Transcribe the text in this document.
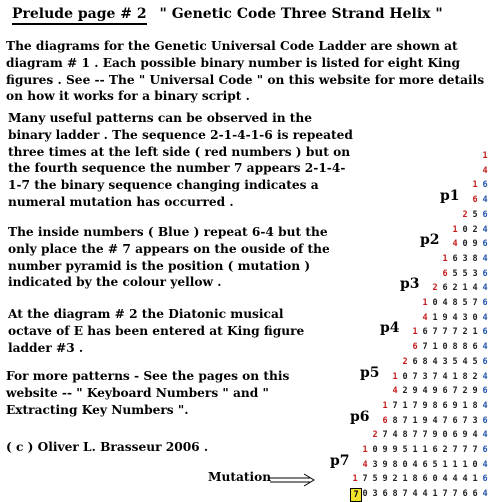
Prelude page # 2 " Genetic Code Three Strand Helix "
The diagrams for the Genetic Universal Code Ladder are shown at diagram # 1 . Each possible binary number is listed for eight King figures . See -- The " Universal Code " on this website for more details on how it works for a binary script .
Many useful patterns can be observed in the binary ladder . The sequence 2-1-4-1-6 is repeated three times at the left side ( red numbers ) but on the fourth sequence the number 7 appears 2-1-4-1-7 the binary sequence changing indicates a numeral mutation has occurred .
The inside numbers ( Blue ) repeat 6-4 but the only place the # 7 appears on the ouside of the number pyramid is the position ( mutation ) indicated by the colour yellow .
At the diagram # 2 the Diatonic musical octave of E has been entered at King figure ladder #3 .
For more patterns - See the pages on this website -- " Keyboard Numbers " and " Extracting Key Numbers ".
( c ) Oliver L. Brasseur 2006 .
Mutation
1
4
1 6
6 4
2 5 6
1 0 2 4
4 0 9 6
1 6 3 8 4
6 5 5 3 6
2 6 2 1 4 4
1 0 4 8 5 7 6
4 1 9 4 3 0 4
1 6 7 7 7 2 1 6
6 7 1 0 8 8 6 4
2 6 8 4 3 5 4 5 6
1 0 7 3 7 4 1 8 2 4
4 2 9 4 9 6 7 2 9 6
1 7 1 7 9 8 6 9 1 8 4
6 8 7 1 9 4 7 6 7 3 6
2 7 4 8 7 7 9 0 6 9 4 4
1 0 9 9 5 1 1 6 2 7 7 7 6
4 3 9 8 0 4 6 5 1 1 1 0 4
1 7 5 9 2 1 8 6 0 4 4 4 1 6
7 0 3 6 8 7 4 4 1 7 7 6 6 4
p1
p2
p3
p4
p5
p6
p7
